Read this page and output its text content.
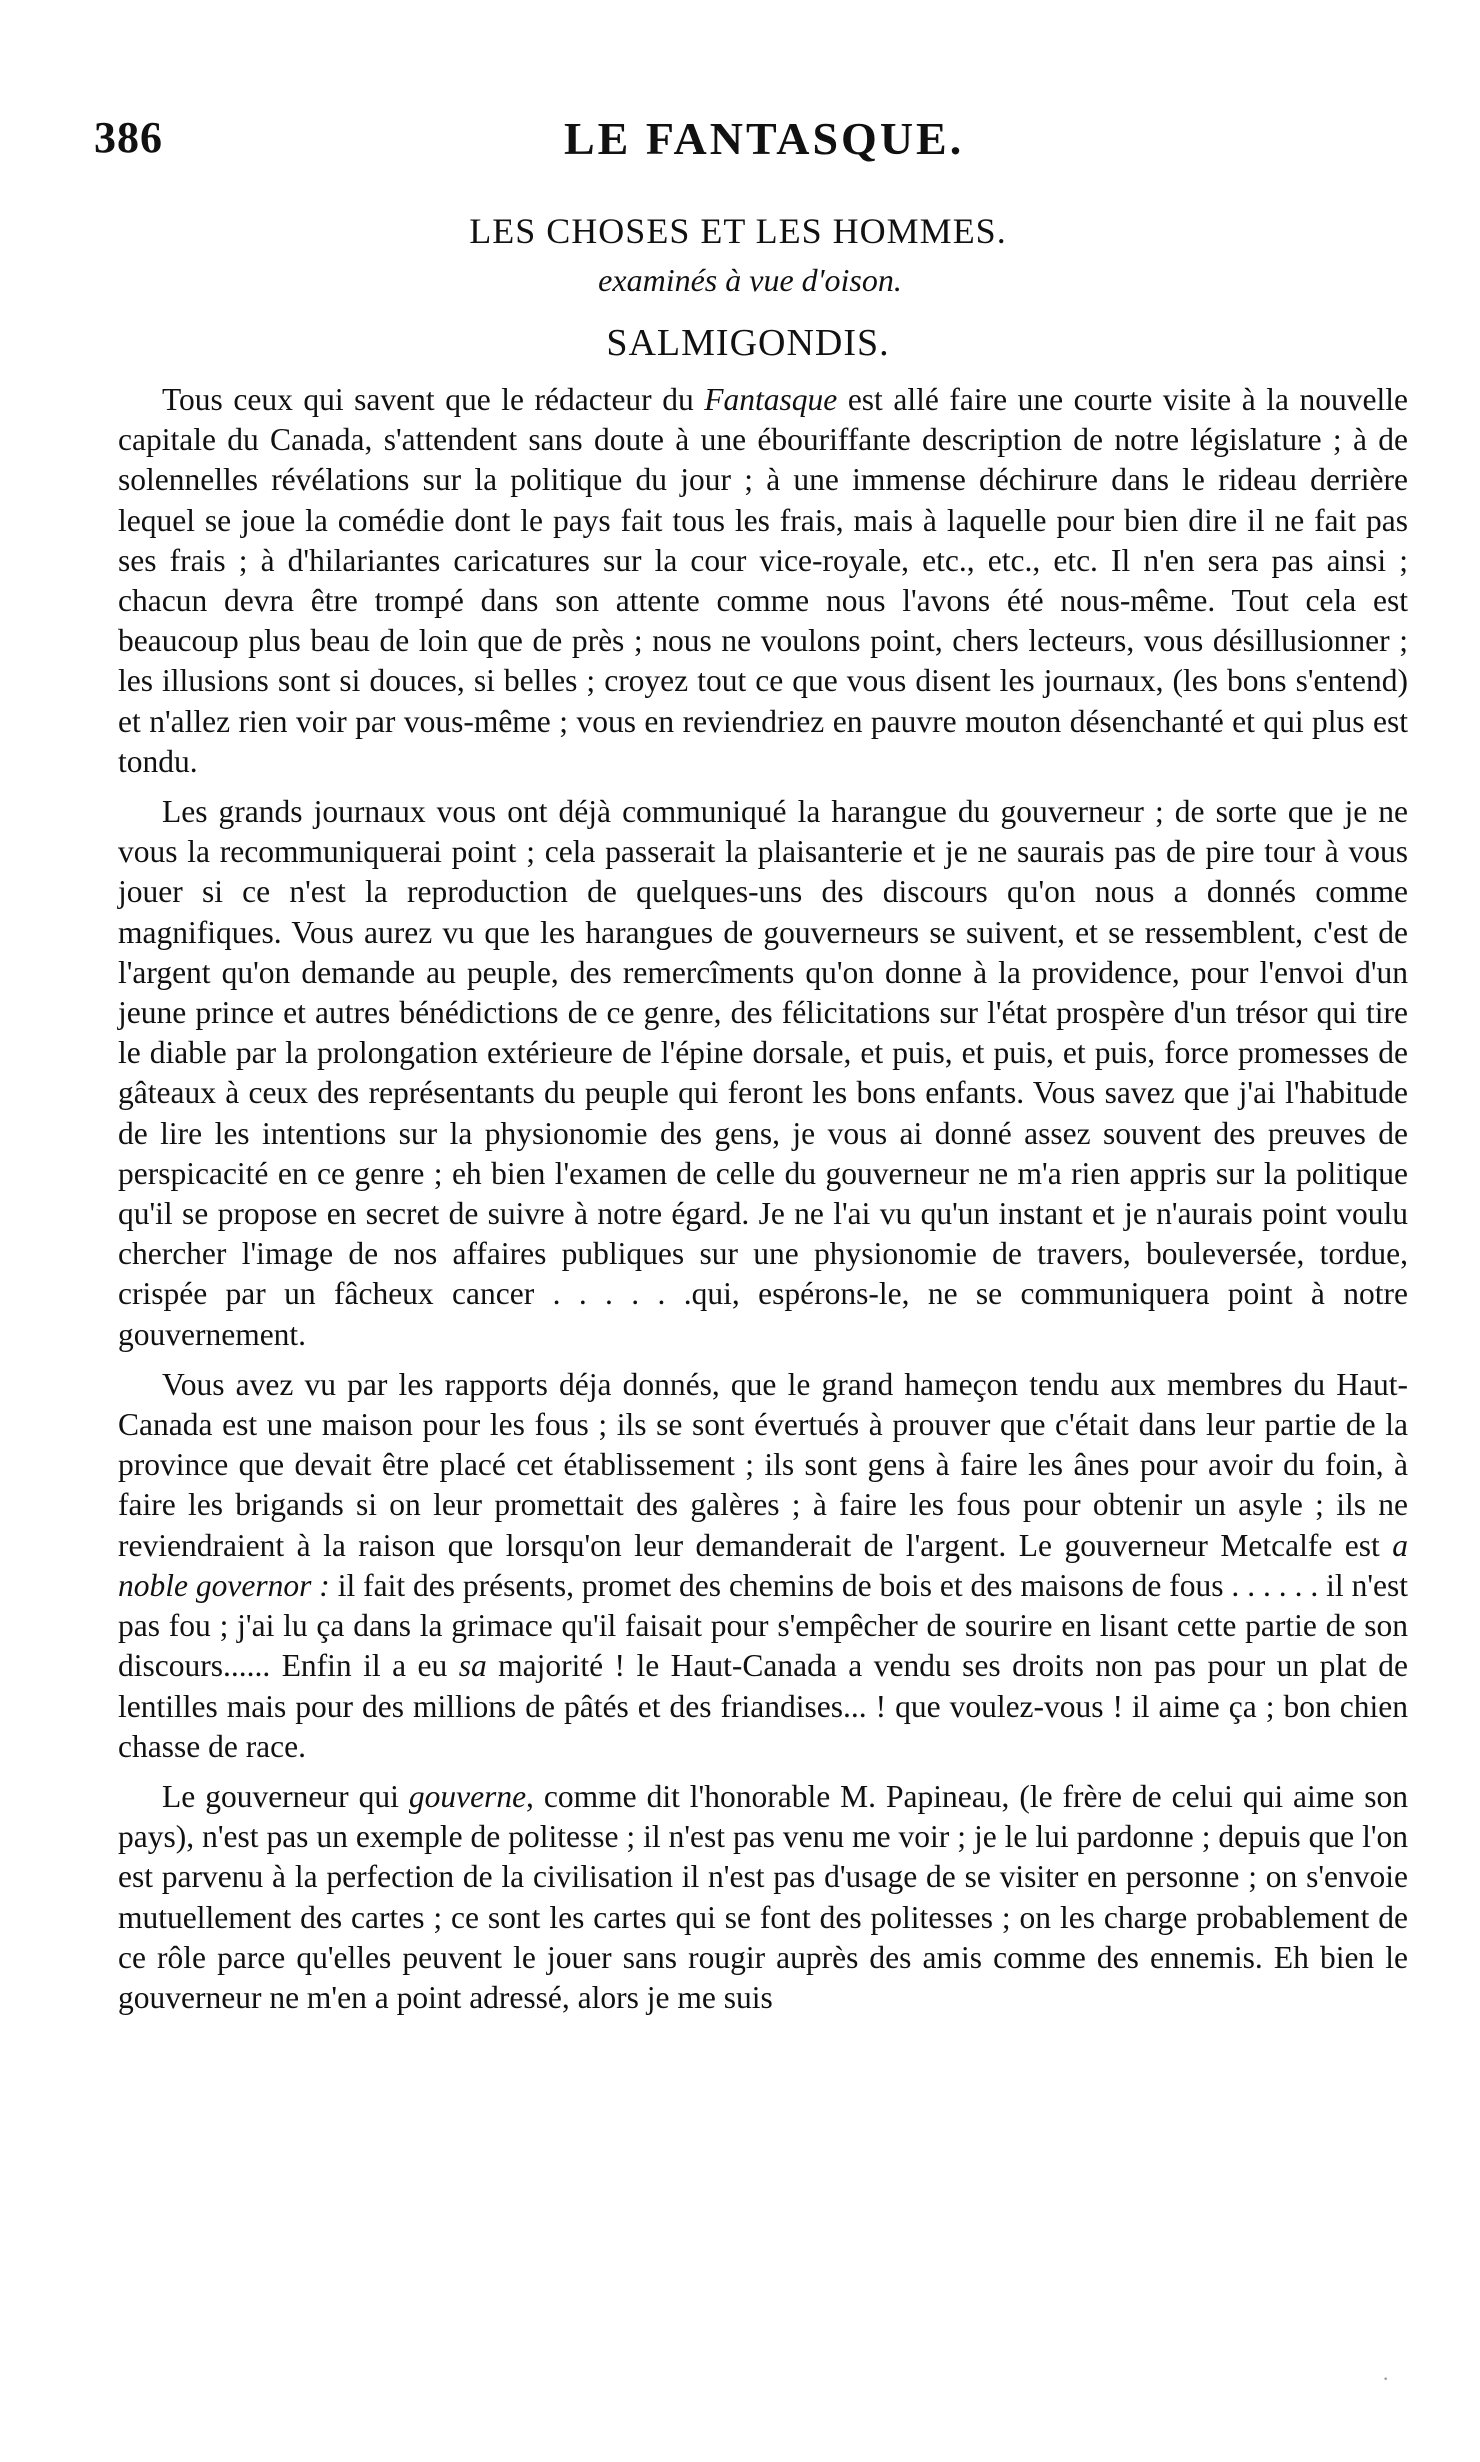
386	LE FANTASQUE.
LES CHOSES ET LES HOMMES.
examinés à vue d'oison.
SALMIGONDIS.

Tous ceux qui savent que le rédacteur du Fantasque est allé faire une courte visite à la nouvelle capitale du Canada, s'attendent sans doute à une ébouriffante description de notre législature ; à de solennelles révélations sur la politique du jour ; à une immense déchirure dans le rideau derrière lequel se joue la comédie dont le pays fait tous les frais, mais à laquelle pour bien dire il ne fait pas ses frais ; à d'hilariantes caricatures sur la cour vice-royale, etc., etc., etc. Il n'en sera pas ainsi ; chacun devra être trompé dans son attente comme nous l'avons été nous-même. Tout cela est beaucoup plus beau de loin que de près ; nous ne voulons point, chers lecteurs, vous désillusionner ; les illusions sont si douces, si belles ; croyez tout ce que vous disent les journaux, (les bons s'entend) et n'allez rien voir par vous-même ; vous en reviendriez en pauvre mouton désenchanté et qui plus est tondu.

Les grands journaux vous ont déjà communiqué la harangue du gouverneur ; de sorte que je ne vous la recommuniquerai point ; cela passerait la plaisanterie et je ne saurais pas de pire tour à vous jouer si ce n'est la reproduction de quelques-uns des discours qu'on nous a donnés comme magnifiques. Vous aurez vu que les harangues de gouverneurs se suivent, et se ressemblent, c'est de l'argent qu'on demande au peuple, des remercîments qu'on donne à la providence, pour l'envoi d'un jeune prince et autres bénédictions de ce genre, des félicitations sur l'état prospère d'un trésor qui tire le diable par la prolongation extérieure de l'épine dorsale, et puis, et puis, et puis, force promesses de gâteaux à ceux des représentants du peuple qui feront les bons enfants. Vous savez que j'ai l'habitude de lire les intentions sur la physionomie des gens, je vous ai donné assez souvent des preuves de perspicacité en ce genre ; eh bien l'examen de celle du gouverneur ne m'a rien appris sur la politique qu'il se propose en secret de suivre à notre égard. Je ne l'ai vu qu'un instant et je n'aurais point voulu chercher l'image de nos affaires publiques sur une physionomie de travers, bouleversée, tordue, crispée par un fâcheux cancer . . . . . .qui, espérons-le, ne se communiquera point à notre gouvernement.

Vous avez vu par les rapports déja donnés, que le grand hameçon tendu aux membres du Haut-Canada est une maison pour les fous ; ils se sont évertués à prouver que c'était dans leur partie de la province que devait être placé cet établissement ; ils sont gens à faire les ânes pour avoir du foin, à faire les brigands si on leur promettait des galères ; à faire les fous pour obtenir un asyle ; ils ne reviendraient à la raison que lorsqu'on leur demanderait de l'argent. Le gouverneur Metcalfe est a noble governor : il fait des présents, promet des chemins de bois et des maisons de fous . . . . . . il n'est pas fou ; j'ai lu ça dans la grimace qu'il faisait pour s'empêcher de sourire en lisant cette partie de son discours...... Enfin il a eu sa majorité ! le Haut-Canada a vendu ses droits non pas pour un plat de lentilles mais pour des millions de pâtés et des friandises... ! que voulez-vous ! il aime ça ; bon chien chasse de race.

Le gouverneur qui gouverne, comme dit l'honorable M. Papineau, (le frère de celui qui aime son pays), n'est pas un exemple de politesse ; il n'est pas venu me voir ; je le lui pardonne ; depuis que l'on est parvenu à la perfection de la civilisation il n'est pas d'usage de se visiter en personne ; on s'envoie mutuellement des cartes ; ce sont les cartes qui se font des politesses ; on les charge probablement de ce rôle parce qu'elles peuvent le jouer sans rougir auprès des amis comme des ennemis. Eh bien le gouverneur ne m'en a point adressé, alors je me suis

·
